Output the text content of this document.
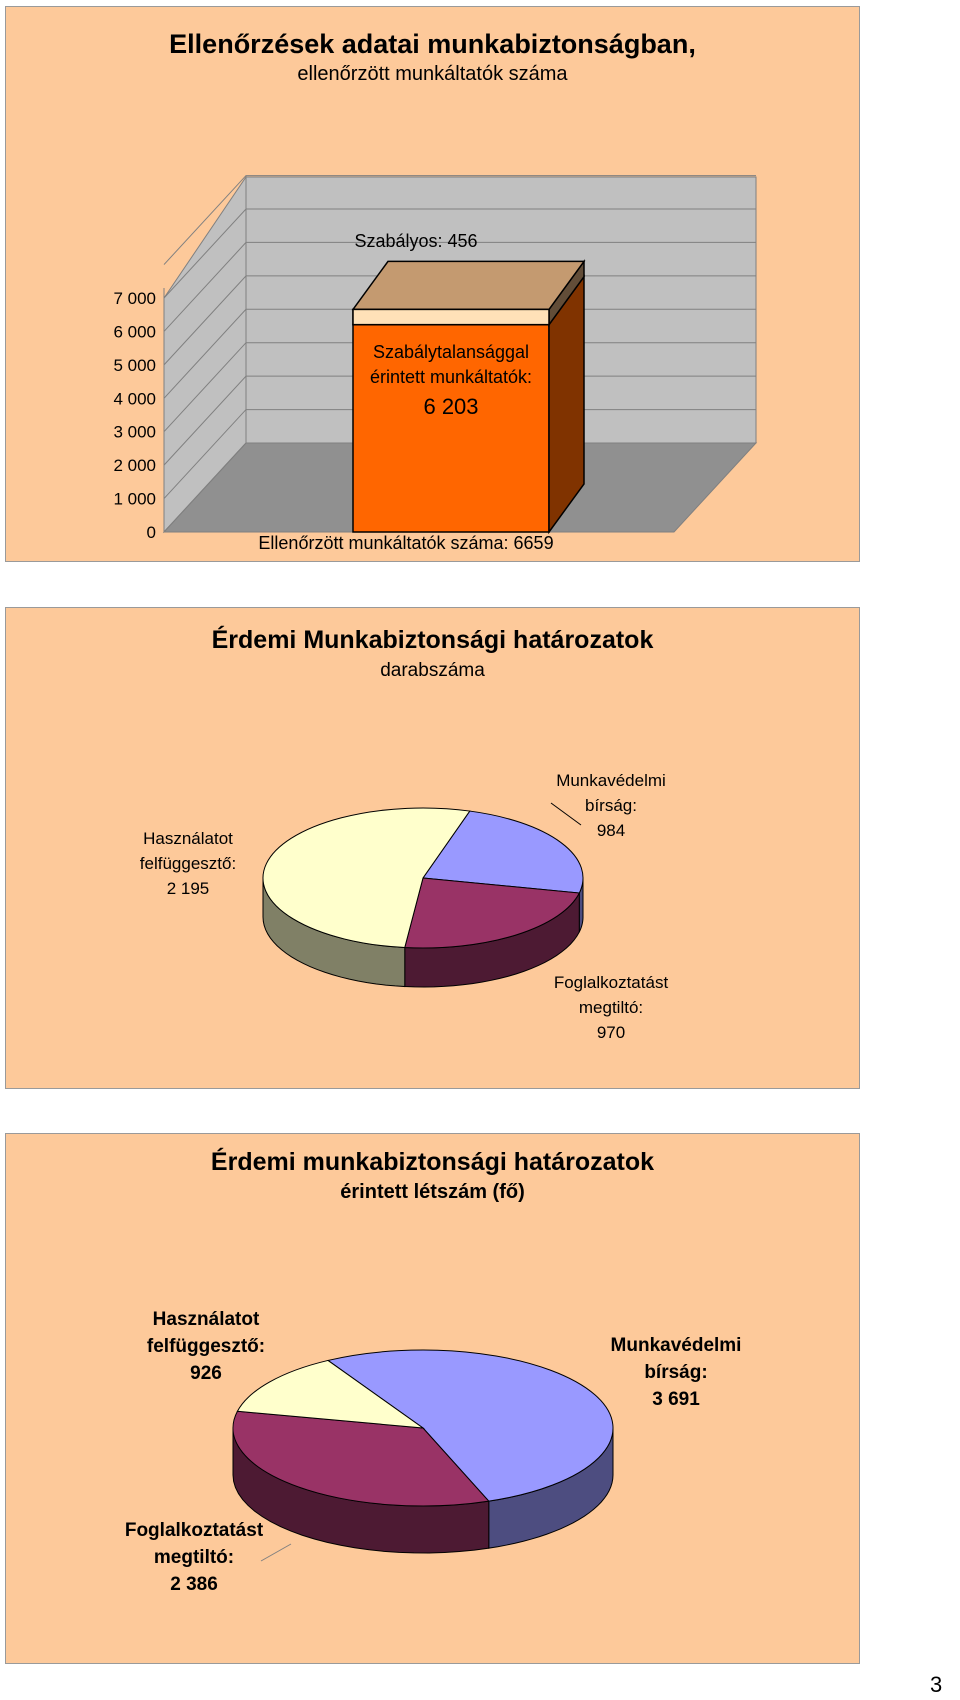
Ellenőrzések adatai munkabiztonságban,
ellenőrzött munkáltatók száma
0
1 000
2 000
3 000
4 000
5 000
6 000
7 000
Szabályos: 456
Szabálytalansággal érintett munkáltatók:
6 203
Ellenőrzött munkáltatók száma: 6659
Érdemi Munkabiztonsági határozatok
darabszáma
Munkavédelmi bírság:
984
Foglalkoztatást megtiltó:
970
Használatot felfüggesztő:
2 195
Érdemi munkabiztonsági határozatok
érintett létszám (fő)
Munkavédelmi bírság:
3 691
Foglalkoztatást megtiltó:
2 386
Használatot felfüggesztő:
926
3
